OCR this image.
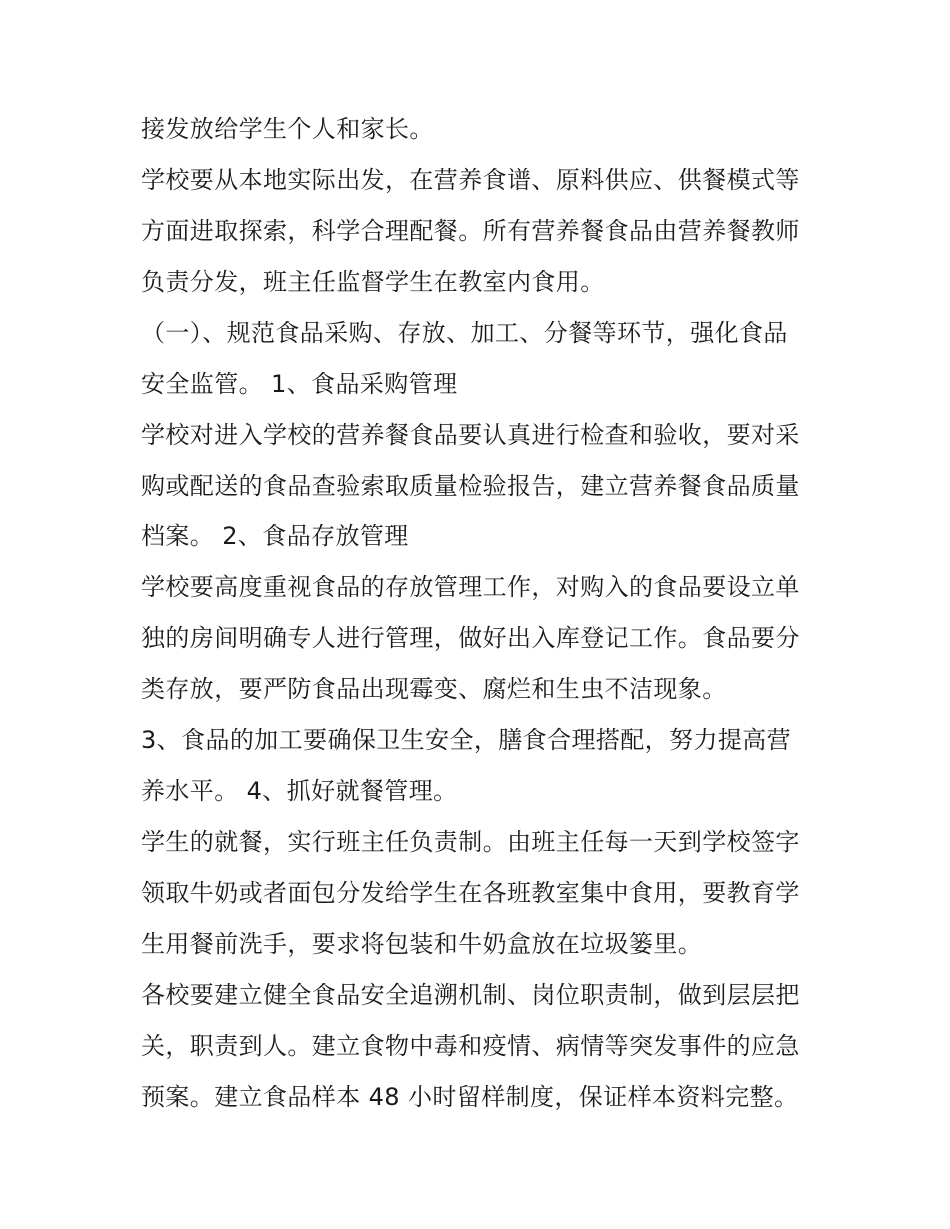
接发放给学生个人和家长。
学校要从本地实际出发，在营养食谱、原料供应、供餐模式等
方面进取探索，科学合理配餐。所有营养餐食品由营养餐教师
负责分发，班主任监督学生在教室内食用。
（一）、规范食品采购、存放、加工、分餐等环节，强化食品
安全监管。 1、食品采购管理
学校对进入学校的营养餐食品要认真进行检查和验收，要对采
购或配送的食品查验索取质量检验报告，建立营养餐食品质量
档案。 2、食品存放管理
学校要高度重视食品的存放管理工作，对购入的食品要设立单
独的房间明确专人进行管理，做好出入库登记工作。食品要分
类存放，要严防食品出现霉变、腐烂和生虫不洁现象。
3、食品的加工要确保卫生安全，膳食合理搭配，努力提高营
养水平。 4、抓好就餐管理。
学生的就餐，实行班主任负责制。由班主任每一天到学校签字
领取牛奶或者面包分发给学生在各班教室集中食用，要教育学
生用餐前洗手，要求将包装和牛奶盒放在垃圾篓里。
各校要建立健全食品安全追溯机制、岗位职责制，做到层层把
关，职责到人。建立食物中毒和疫情、病情等突发事件的应急
预案。建立食品样本 48 小时留样制度，保证样本资料完整。
